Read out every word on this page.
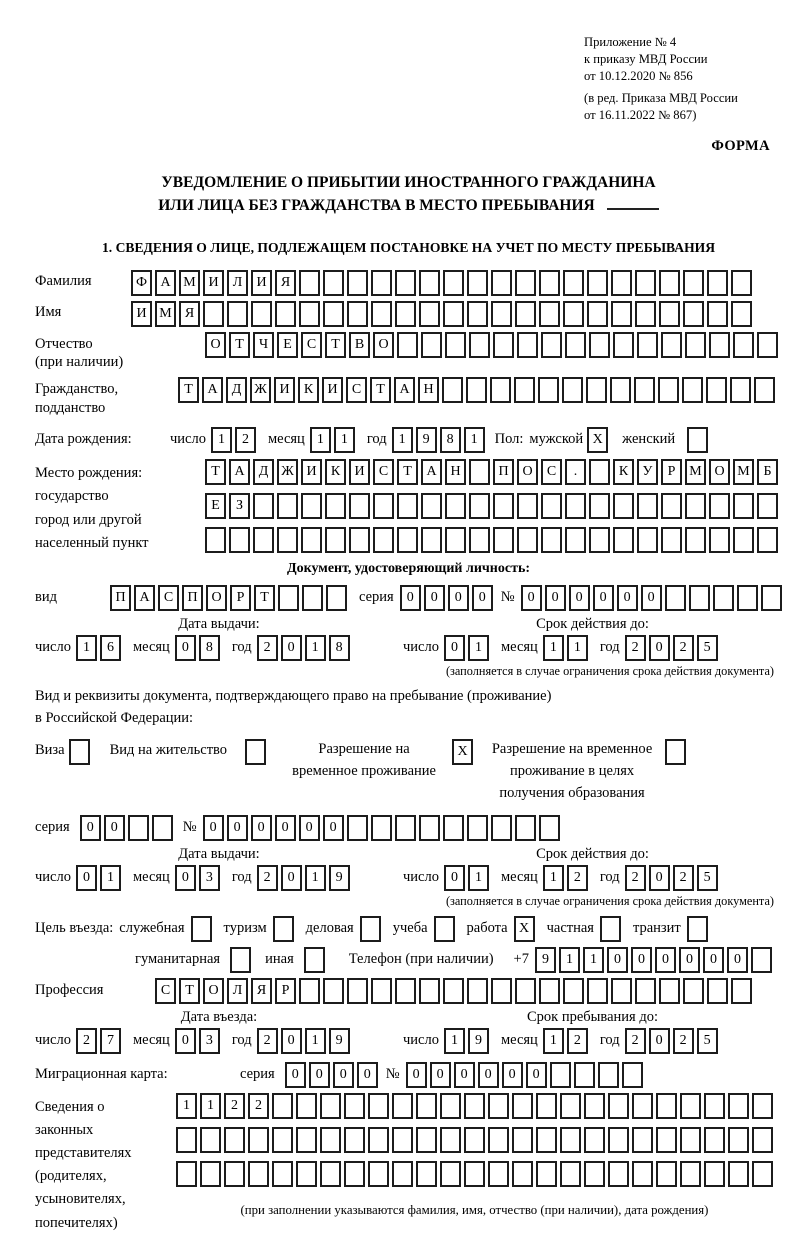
Приложение № 4
к приказу МВД России
от 10.12.2020 № 856
(в ред. Приказа МВД России
от 16.11.2022 № 867)
ФОРМА
УВЕДОМЛЕНИЕ О ПРИБЫТИИ ИНОСТРАННОГО ГРАЖДАНИНА
ИЛИ ЛИЦА БЕЗ ГРАЖДАНСТВА В МЕСТО ПРЕБЫВАНИЯ
1. СВЕДЕНИЯ О ЛИЦЕ, ПОДЛЕЖАЩЕМ ПОСТАНОВКЕ НА УЧЕТ ПО МЕСТУ ПРЕБЫВАНИЯ
Фамилия	Ф А М И	Л	И	Я
Имя	И М Я
Отчество
(при наличии)
О	Т	Ч	Е	С	Т	В	О
Гражданство,
подданство
Т	А	Д Ж И	К	И	С	Т	А Н
Дата рождения:	число 1	2	месяц 1	1	год 1	9	8	1	Пол: мужской X	женский
Место рождения:
государство
город или другой
населенный пункт
Т	А	Д Ж И	К	И	С	Т	А Н	П О	С	.	К	У	Р М О М Б
Е	З
Документ, удостоверяющий личность:
вид	П А	С	П О	Р	Т	серия 0	0	0	0	№ 0	0	0	0	0	0
Дата выдачи:
число 1	6	месяц 0	8	год 2	0	1	8
Срок действия до:
число 0	1	месяц 1	1	год 2	0	2	5
(заполняется в случае ограничения срока действия документа)
Вид и реквизиты документа, подтверждающего право на пребывание (проживание)
в Российской Федерации:
Виза	Вид на жительство	Разрешение на временное проживание
X	Разрешение на временное проживание в целях получения образования
серия	0	0	№ 0	0	0	0	0	0
Дата выдачи:
число 0	1	месяц 0	3	год 2	0	1	9
Срок действия до:
число 0	1	месяц 1	2	год 2	0	2	5
(заполняется в случае ограничения срока действия документа)
Цель въезда: служебная	туризм	деловая	учеба	работа X	частная	транзит
гуманитарная	иная	Телефон (при наличии) +7 9	1	1	0	0	0	0	0	0
Профессия	С	Т	О	Л	Я	Р
Дата въезда:
число 2	7	месяц 0	3	год 2	0	1	9
Срок пребывания до:
число 1	9	месяц 1	2	год 2	0	2	5
Миграционная карта:	серия	0	0	0	0	№ 0	0	0	0	0	0
Сведения о
законных
представителях
(родителях,
усыновителях,
попечителях)
1	1	2	2
(при заполнении указываются фамилия, имя, отчество (при наличии), дата рождения)
